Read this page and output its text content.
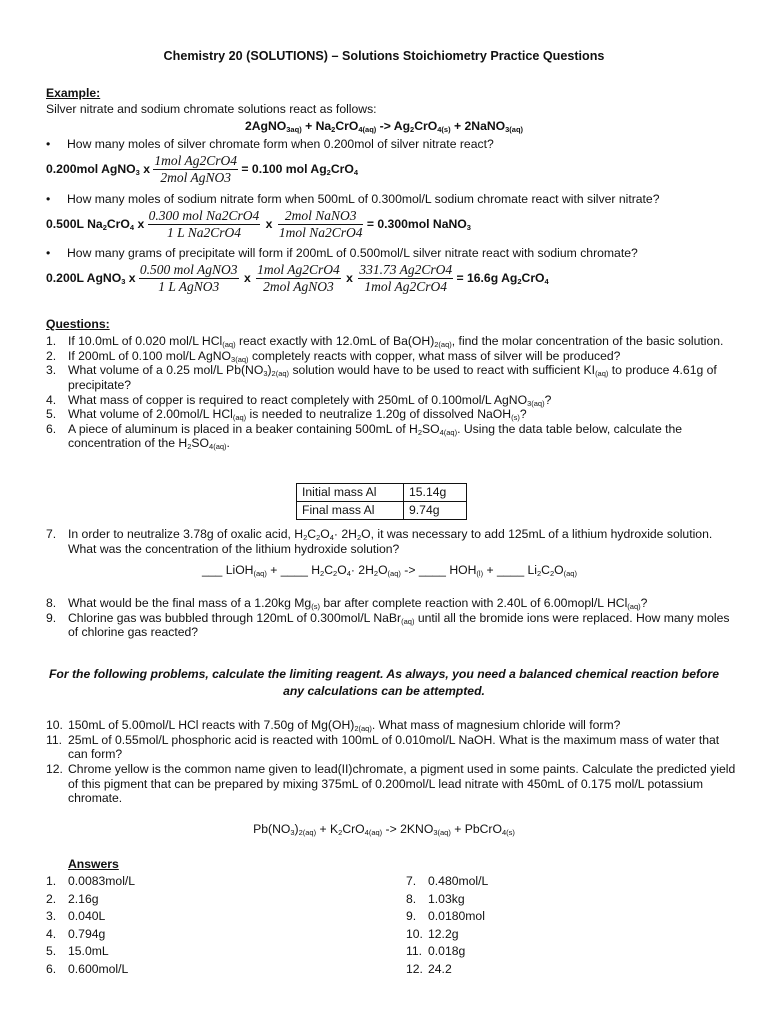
Chemistry 20 (SOLUTIONS) – Solutions Stoichiometry Practice Questions
Example:
Silver nitrate and sodium chromate solutions react as follows:
2AgNO$_{3aq)}$ + $Na_2CrO_{4(aq)} -> Ag_2CrO_{4(s)}$ + 2NaNO$_{3(aq)}$
• How many moles of silver chromate form when 0.200mol of silver nitrate react?
0.200mol AgNO$_3$ x $\frac{\text{1mol Ag2CrO4}}{\text{2mol AgNO3}} = 0.100$ mol $Ag_2CrO_4$
• How many moles of sodium nitrate form when 500mL of 0.300mol/L sodium chromate react with silver nitrate?
0.500L $Na_2CrO_4$ x $\frac{\text{0.300 mol Na2CrO4}}{\text{1 L Na2CrO4}}$ x $\frac{\text{2mol NaNO3}}{\text{1mol Na2CrO4}} = 0.300mol$ NaNO$_3$
• How many grams of precipitate will form if 200mL of 0.500mol/L silver nitrate react with sodium chromate?
0.200L AgNO$_3$ x $\frac{\text{0.500 mol AgNO3}}{\text{1 L AgNO3}}$ x $\frac{\text{1mol Ag2CrO4}}{\text{2mol AgNO3}}$ x $\frac{\text{331.73 Ag2CrO4}}{\text{1mol Ag2CrO4}} = 16.6g$ $Ag_2CrO_4$
Questions:

1. If 10.0mL of 0.020 mol/L HCl$_{(aq)}$ react exactly with 12.0mL of $Ba(OH)_{2(aq)}$, find the molar concentration of the basic solution.

2. If 200mL of 0.100 mol/L AgNO$_{3(aq)}$ completely reacts with copper, what mass of silver will be produced?

3. What volume of a 0.25 mol/L $Pb(NO_3)_{2(aq)}$ solution would have to be used to react with sufficient $KI_{(aq)}$ to produce 4.61g of precipitate?

4. What mass of copper is required to react completely with 250mL of 0.100mol/L AgNO$_{3(aq)}$?

5. What volume of 2.00mol/L HCl$_{(aq)}$ is needed to neutralize 1.20g of dissolved NaOH$_{(s)}$?

6. A piece of aluminum is placed in a beaker containing 500mL of $H_2SO_{4(aq)}$. Using the data table below, calculate the concentration of the $H_2SO_{4(aq)}$.

Initial mass Al	15.14g
Final mass Al	9.74g

7. In order to neutralize 3.78g of oxalic acid, $H_2C_2O_4\cdot 2H_2O$, it was necessary to add 125mL of a lithium hydroxide solution. What was the concentration of the lithium hydroxide solution?

___ LiOH$_{(aq)}$ + ____ $H_2C_2O_4\cdot 2H_2O_{(aq)}$ -> ____ $HOH_{(l)}$ + ____ $Li_2C_2O_{(aq)}$

8. What would be the final mass of a 1.20kg $Mg_{(s)}$ bar after complete reaction with 2.40L of 6.00mopl/L HCl$_{(aq)}$?

9. Chlorine gas was bubbled through 120mL of 0.300mol/L NaBr$_{(aq)}$ until all the bromide ions were replaced. How many moles of chlorine gas reacted?

For the following problems, calculate the limiting reagent. As always, you need a balanced chemical reaction before any calculations can be attempted.

10. 150mL of 5.00mol/L HCl reacts with 7.50g of $Mg(OH)_{2(aq)}$. What mass of magnesium chloride will form?

11. 25mL of 0.55mol/L phosphoric acid is reacted with 100mL of 0.010mol/L NaOH. What is the maximum mass of water that can form?

12. Chrome yellow is the common name given to lead(II)chromate, a pigment used in some paints. Calculate the predicted yield of this pigment that can be prepared by mixing 375mL of 0.200mol/L lead nitrate with 450mL of 0.175 mol/L potassium chromate.

$Pb(NO_3)_{2(aq)} + K_2CrO_{4(aq)} -> 2KNO_{3(aq)}$ + PbCrO$_{4(s)}$
Answers
1. 0.0083mol/L
2. 2.16g
3. 0.040L
4. 0.794g
5. 15.0mL
6. 0.600mol/L
7. 0.480mol/L
8. 1.03kg
9. 0.0180mol
10. 12.2g
11. 0.018g
12. 24.2
